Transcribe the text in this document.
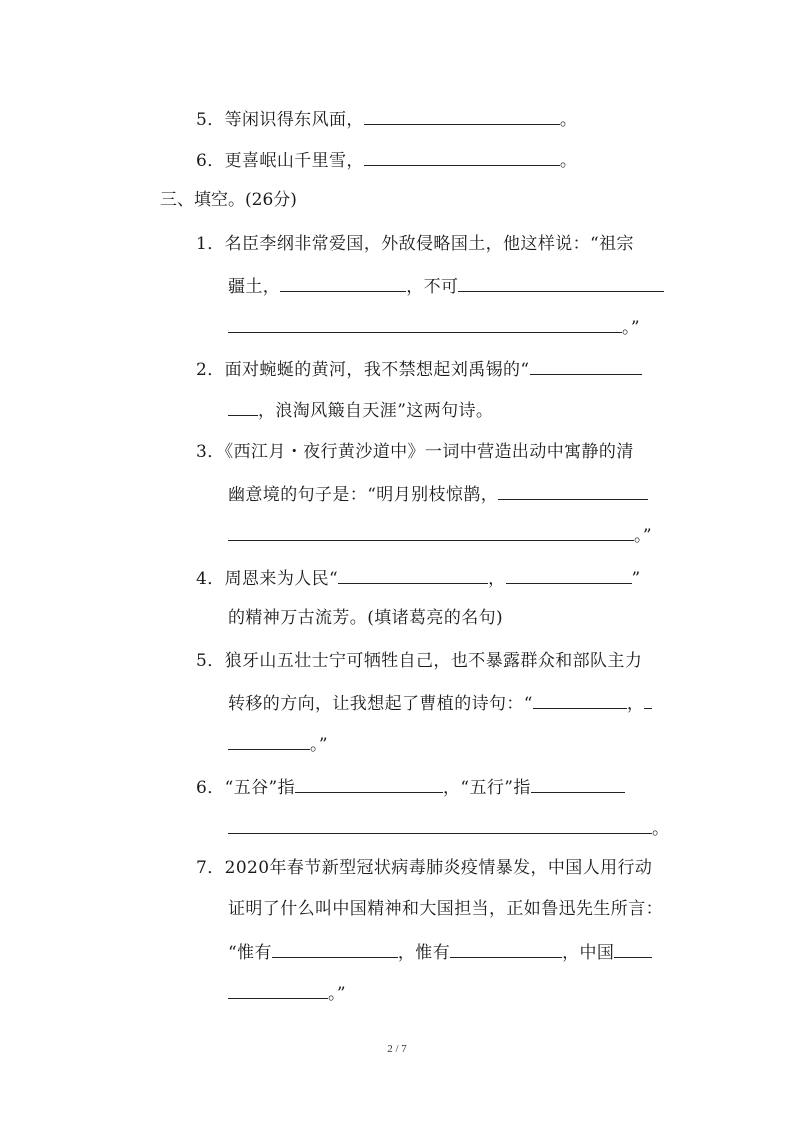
5．等闲识得东风面，	。
6．更喜岷山千里雪，	。
三、填空。(26分)
1．名臣李纲非常爱国，外敌侵略国土，他这样说：“祖宗
疆土，	，不可
。”
2．面对蜿蜒的黄河，我不禁想起刘禹锡的“
，浪淘风簸自天涯”这两句诗。
3．《西江月・夜行黄沙道中》一词中营造出动中寓静的清
幽意境的句子是：“明月别枝惊鹊，
。”
4．周恩来为人民“	，	”
的精神万古流芳。(填诸葛亮的名句)
5．狼牙山五壮士宁可牺牲自己，也不暴露群众和部队主力
转移的方向，让我想起了曹植的诗句：“	，
。”
6．“五谷”指	，“五行”指
。
7．2020年春节新型冠状病毒肺炎疫情暴发，中国人用行动
证明了什么叫中国精神和大国担当，正如鲁迅先生所言：
“惟有	，惟有	，中国
。”
2 / 7
